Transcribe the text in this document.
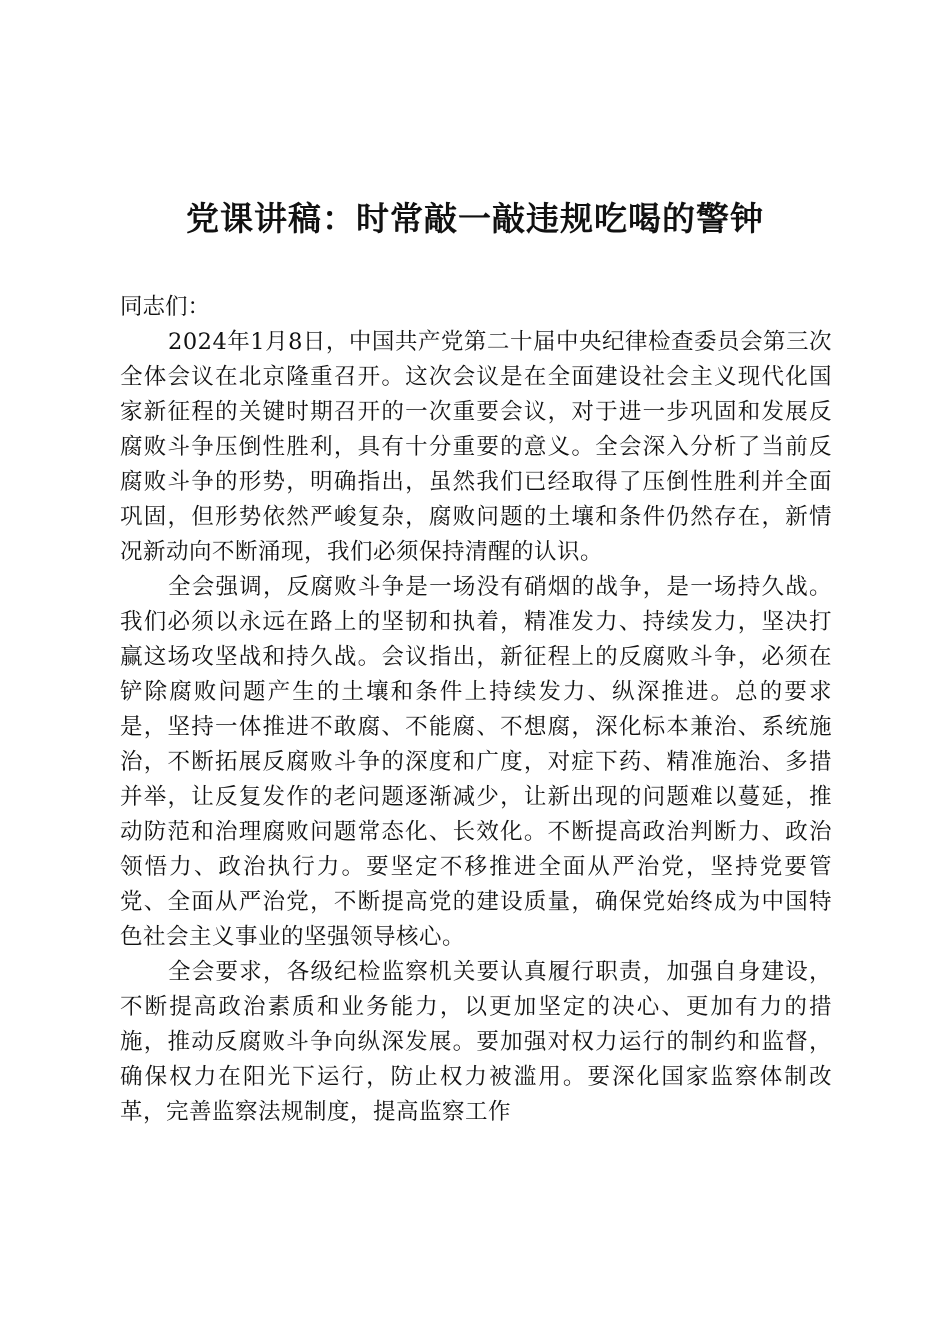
党课讲稿：时常敲一敲违规吃喝的警钟

同志们：

2024年1月8日，中国共产党第二十届中央纪律检查委员会第三次全体会议在北京隆重召开。这次会议是在全面建设社会主义现代化国家新征程的关键时期召开的一次重要会议，对于进一步巩固和发展反腐败斗争压倒性胜利，具有十分重要的意义。全会深入分析了当前反腐败斗争的形势，明确指出，虽然我们已经取得了压倒性胜利并全面巩固，但形势依然严峻复杂，腐败问题的土壤和条件仍然存在，新情况新动向不断涌现，我们必须保持清醒的认识。

全会强调，反腐败斗争是一场没有硝烟的战争，是一场持久战。我们必须以永远在路上的坚韧和执着，精准发力、持续发力，坚决打赢这场攻坚战和持久战。会议指出，新征程上的反腐败斗争，必须在铲除腐败问题产生的土壤和条件上持续发力、纵深推进。总的要求是，坚持一体推进不敢腐、不能腐、不想腐，深化标本兼治、系统施治，不断拓展反腐败斗争的深度和广度，对症下药、精准施治、多措并举，让反复发作的老问题逐渐减少，让新出现的问题难以蔓延，推动防范和治理腐败问题常态化、长效化。不断提高政治判断力、政治领悟力、政治执行力。要坚定不移推进全面从严治党，坚持党要管党、全面从严治党，不断提高党的建设质量，确保党始终成为中国特色社会主义事业的坚强领导核心。

全会要求，各级纪检监察机关要认真履行职责，加强自身建设，不断提高政治素质和业务能力，以更加坚定的决心、更加有力的措施，推动反腐败斗争向纵深发展。要加强对权力运行的制约和监督，确保权力在阳光下运行，防止权力被滥用。要深化国家监察体制改革，完善监察法规制度，提高监察工作
